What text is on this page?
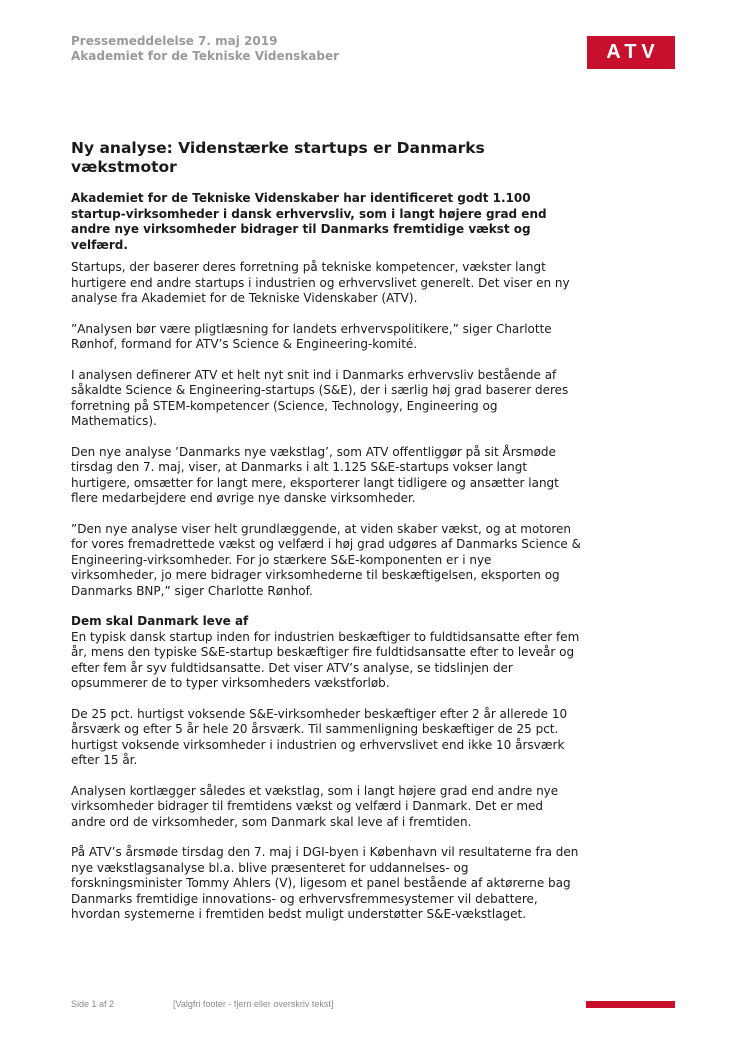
Pressemeddelelse 7. maj 2019
Akademiet for de Tekniske Videnskaber	ATV
Ny analyse: Videnstærke startups er Danmarks vækstmotor

Akademiet for de Tekniske Videnskaber har identificeret godt 1.100 startup-virksomheder i dansk erhvervsliv, som i langt højere grad end andre nye virksomheder bidrager til Danmarks fremtidige vækst og velfærd.

Startups, der baserer deres forretning på tekniske kompetencer, vækster langt hurtigere end andre startups i industrien og erhvervslivet generelt. Det viser en ny analyse fra Akademiet for de Tekniske Videnskaber (ATV).

”Analysen bør være pligtlæsning for landets erhvervspolitikere,” siger Charlotte Rønhof, formand for ATV’s Science & Engineering-komité.

I analysen definerer ATV et helt nyt snit ind i Danmarks erhvervsliv bestående af såkaldte Science & Engineering-startups (S&E), der i særlig høj grad baserer deres forretning på STEM-kompetencer (Science, Technology, Engineering og Mathematics).

Den nye analyse ’Danmarks nye vækstlag’, som ATV offentliggør på sit Årsmøde tirsdag den 7. maj, viser, at Danmarks i alt 1.125 S&E-startups vokser langt hurtigere, omsætter for langt mere, eksporterer langt tidligere og ansætter langt flere medarbejdere end øvrige nye danske virksomheder.

”Den nye analyse viser helt grundlæggende, at viden skaber vækst, og at motoren for vores fremadrettede vækst og velfærd i høj grad udgøres af Danmarks Science & Engineering-virksomheder. For jo stærkere S&E-komponenten er i nye virksomheder, jo mere bidrager virksomhederne til beskæftigelsen, eksporten og Danmarks BNP,” siger Charlotte Rønhof.

Dem skal Danmark leve af

En typisk dansk startup inden for industrien beskæftiger to fuldtidsansatte efter fem år, mens den typiske S&E-startup beskæftiger fire fuldtidsansatte efter to leveår og efter fem år syv fuldtidsansatte. Det viser ATV’s analyse, se tidslinjen der opsummerer de to typer virksomheders vækstforløb.

De 25 pct. hurtigst voksende S&E-virksomheder beskæftiger efter 2 år allerede 10 årsværk og efter 5 år hele 20 årsværk. Til sammenligning beskæftiger de 25 pct. hurtigst voksende virksomheder i industrien og erhvervslivet end ikke 10 årsværk efter 15 år.

Analysen kortlægger således et vækstlag, som i langt højere grad end andre nye virksomheder bidrager til fremtidens vækst og velfærd i Danmark. Det er med andre ord de virksomheder, som Danmark skal leve af i fremtiden.

På ATV’s årsmøde tirsdag den 7. maj i DGI-byen i København vil resultaterne fra den nye vækstlagsanalyse bl.a. blive præsenteret for uddannelses- og forskningsminister Tommy Ahlers (V), ligesom et panel bestående af aktørerne bag Danmarks fremtidige innovations- og erhvervsfremmesystemer vil debattere, hvordan systemerne i fremtiden bedst muligt understøtter S&E-vækstlaget.

Side 1 af 2	[Valgfri footer - fjern eller overskriv tekst]
